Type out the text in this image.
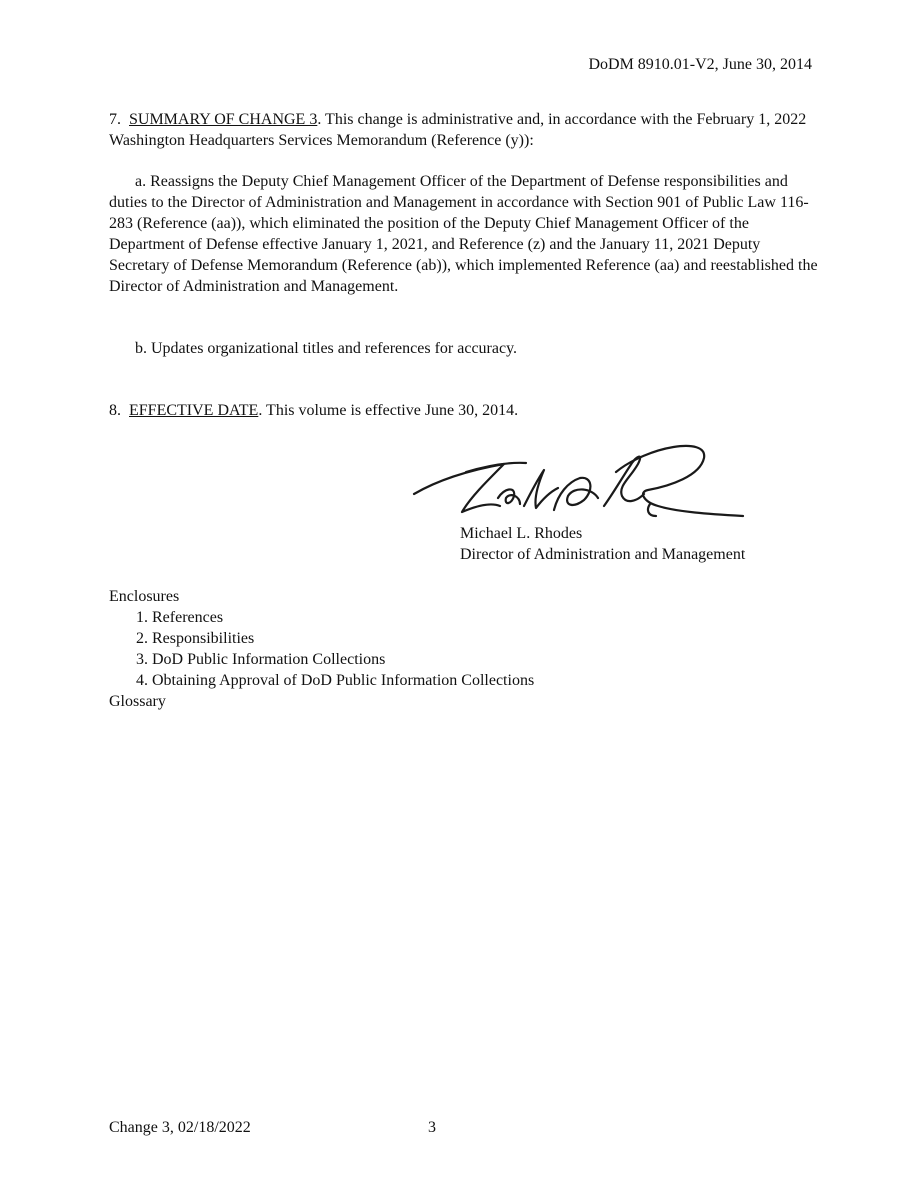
DoDM 8910.01-V2, June 30, 2014
7. SUMMARY OF CHANGE 3. This change is administrative and, in accordance with the February 1, 2022 Washington Headquarters Services Memorandum (Reference (y)):

a. Reassigns the Deputy Chief Management Officer of the Department of Defense responsibilities and duties to the Director of Administration and Management in accordance with Section 901 of Public Law 116-283 (Reference (aa)), which eliminated the position of the Deputy Chief Management Officer of the Department of Defense effective January 1, 2021, and Reference (z) and the January 11, 2021 Deputy Secretary of Defense Memorandum (Reference (ab)), which implemented Reference (aa) and reestablished the Director of Administration and Management.

b. Updates organizational titles and references for accuracy.

8. EFFECTIVE DATE. This volume is effective June 30, 2014.
Michael L. Rhodes
Director of Administration and Management
Enclosures
1. References
2. Responsibilities
3. DoD Public Information Collections
4. Obtaining Approval of DoD Public Information Collections
Glossary
Change 3, 02/18/2022	3
